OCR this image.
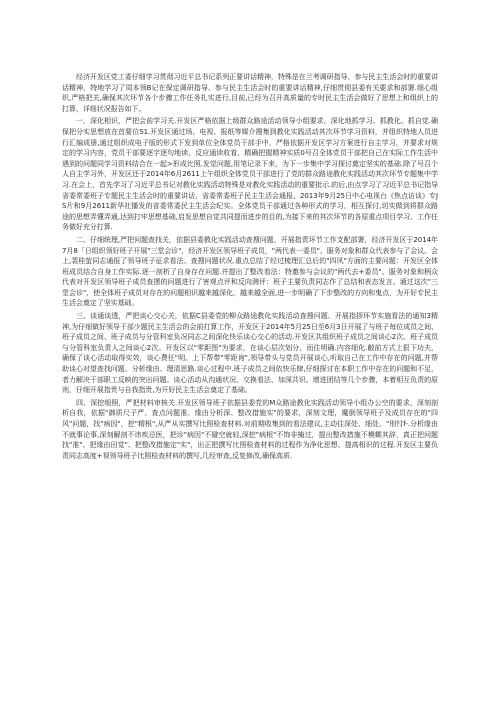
经济开发区党工委仔细学习贯彻习近平总书记系列正要讲话精神，特殊是在兰考调研指导、参与民主生活会时的重要讲话精神，特地学习了周本领B记在保定调研指导、参与民主生活会时的重要讲话精神,仔细贯彻县委有关要求和部署.细心组织,严格把关,确保其次环节各个步骤工作任务扎实进行,目前,已经为召开高质量的专时民主生活会做好了思想上和组织上的打算，详细状况报告如下。

一、深化相识，严把会前学习关.开发区严格依据上级群众路途活动领导小组要求，深化地抓学习、抓教化、抓自觉.确保把分实思想放在首要位S1.开发区通过场、电视、报纸等媒介搜集到教化实践活动其次环节学习资料，并组织特地人员进行汇编成册,通过组织成电子版的形式下发到单位全体党员干部手中，严格依据开发区学习方案进行自主学习，并要求对规定的学习内容，党员干部要逐字逐句地读、反应通读收看，精确把握精神实质0号召全体党员干部把自己在实际工作生活中遇到的问题同学习资料结合在一起>形成比照.发觉问题,用笔记录下来，为下一步集中学习探讨奠定坚实的基础.除了号召个人自主学习外，开发区还于2014年6月2611上午组织全体党员干部进行了党的群众路途教化实践活动其次环节专题集中学习.在会上，首先学习了习近平总书记对教化实践活动特殊是对教化实践活动的重要批示.的后,由点学习了习近平总书记指导省委常委班子专题民主生活会时的重要讲话，省委常委班子民主生活会通报、2013年9月25日中心电视台《焦点访谈》专JS片和9月2611新华社播发的省委常委民主生活会纪实。全体党员干部通过各种形式的学习，相互探讨,切实做到将群众路途的思想弄懂弄通,达到打牢思想基础,启发思想自觉共同提而进步的目的,为接下来的其次环节的各原重点项目学习、工作任务做好充分打算.

二、仔细统理,严把问题查找关，依据县委教化实践活动查搜问题，开展指责环节工作支配部署，经济开发区于2014年7月8「日组织领好班子开展"三堂会诊"，经济开发区领导班子成员，"两代表一委员"、服务对象和群众代表参与了会议。会上,裴桂萤同志通报了领导班子征求看法、查搜问题状况.重点总结了经过梳理汇总后的"四风"方面的主要问题：开发区全体班成员结合自身工作实际.逐一剖析了自身存在问题.并提出了整改看法：特邀参与会议的"两代去+委员"、服务对象和柄众代表对开发区领导班子成员查摆的问题进行了害观点评和反向测评：班子主要负责同志作了总结和表态发言。通过这次"三堂会诊"，使全体班子成员对存在的问题相识越来越深化，越来越全面,进一步明确了下步整改的方向和鬼点，为开好专民主生活会奠定了坚实基础。

三、谈通谈透，严把谈心交心关，依据C县委党的柳众路途教化实践活动查搜问题、开展指拶环节实施看法的通知3精神,为仔细做好领导干部少题民主生活会的会前打算工作，开发区于2014年5月25日至6月3日开展了与班子每位成员之间、班子成员之间、班子成员与分管科室负况同志之间深化快乐谈心交心的活动.开发区共组织班子成员之间谈心2次、班子成员与分管科室负责人之间谈心2次。开发区以"零距图"为要求，在谈心层次划分、而往明确.内容细化.敝前方式上狠下功夫，确保了谈心活动取得实效，谈心费任"明。上下帮带"零距询",领导带头与党员开展谈心,听取自己在工作中存在的问题,并帮助谈心对望查找问题、分析缘由、理清思路.谈心过程中.班子成员之间依快乐肆,仔细探讨在本职工作中存在的问题和不足，者力解决干部职工反映的突出问题。谈心活动从沟通状况、交换看法、加深共识、增进团结等几个步骤，本着相互负责的原则，仔细开展指贵与自我指贵,为开好民主生活会奠定了基础。

四、深挖细照，严把材料审核关.开发区领导班子依据县委党的M众路途教化实践活动领导小组办公空的要求，深刻剖析自我，依据"御质尺子严、查点问题准、缘由分析深、整改措施实"的要求，深刻文理，魔倒领导班子及成员存在的"四风"问题，找"病因"，挖"精根",从严从实撰写比照检查材料.对前期收集到的看法建议,主动往深处、细处、"刖忖f-.分析缘由不就事论事,深刻解剖不讳疾忌医，把诊"病因"不避空就轻,深挖"病根"不饰非掩过，提出整改措施不模糊其辞，真正把问题找"准"、把缘由田觉"、把整改措施定"实"，出正把撰写比照检查材料的过程作为净化思想、提高相识的过程.开发区主要负责同志高度+视领导班子比照检查材料的撰写,几经审查,反复修改,确保高质.
